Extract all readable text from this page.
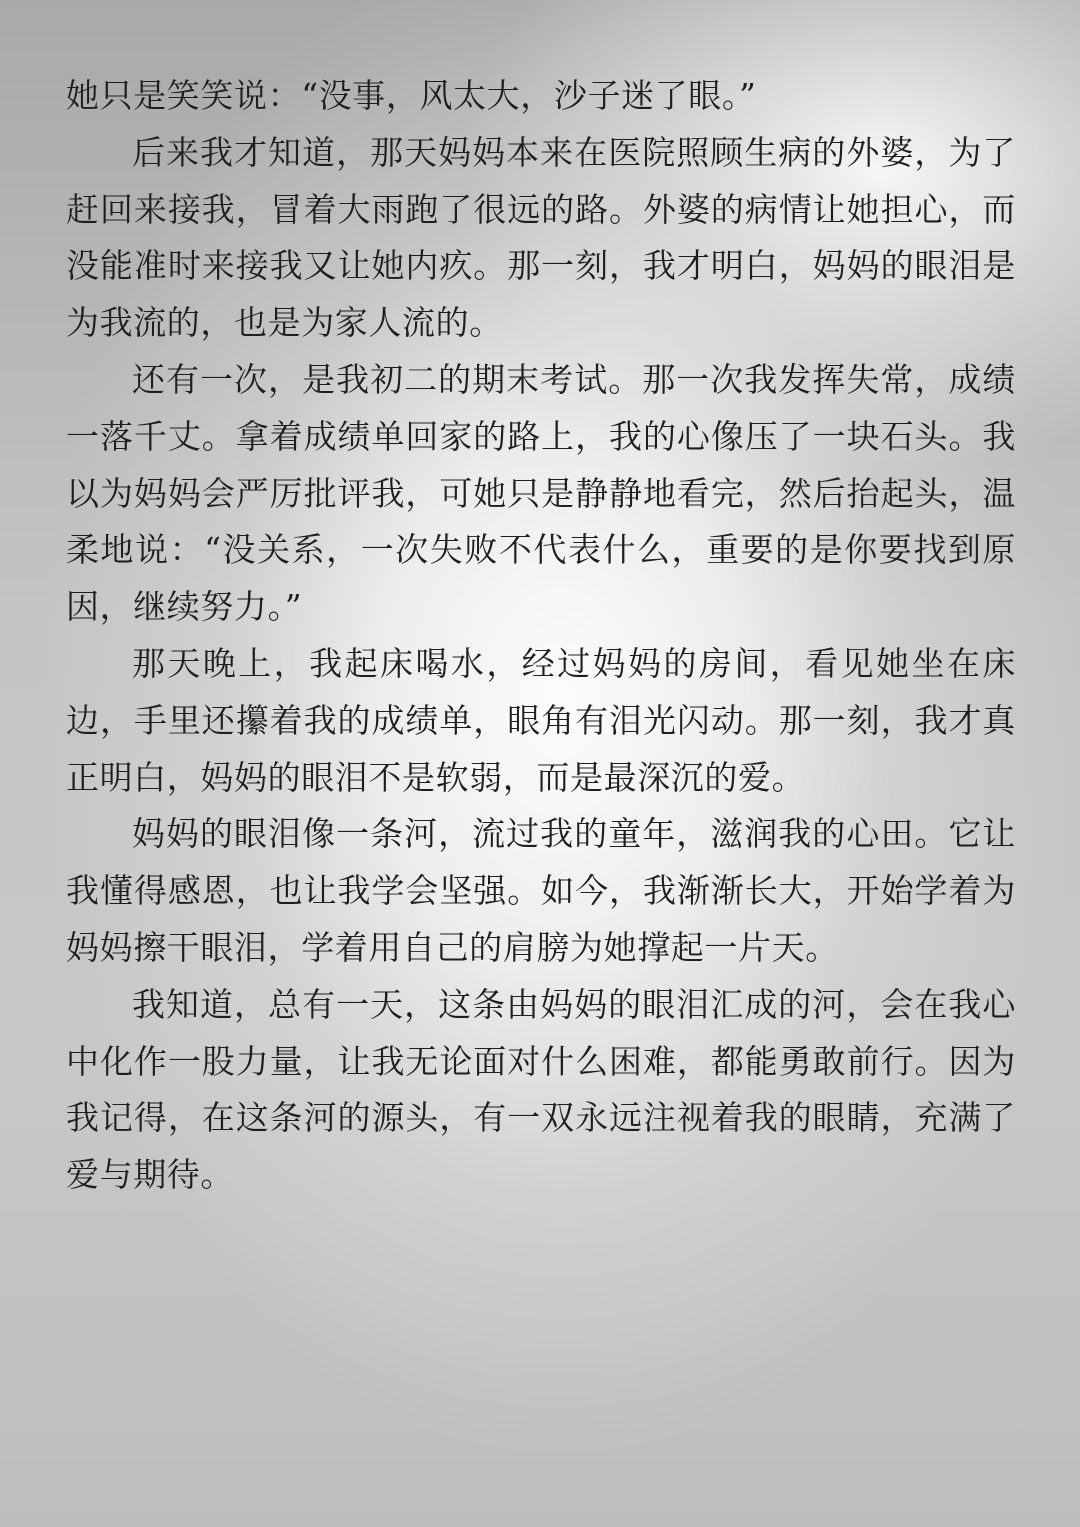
她只是笑笑说：“没事，风太大，沙子迷了眼。”

后来我才知道，那天妈妈本来在医院照顾生病的外婆，为了赶回来接我，冒着大雨跑了很远的路。外婆的病情让她担心，而没能准时来接我又让她内疚。那一刻，我才明白，妈妈的眼泪是为我流的，也是为家人流的。

还有一次，是我初二的期末考试。那一次我发挥失常，成绩一落千丈。拿着成绩单回家的路上，我的心像压了一块石头。我以为妈妈会严厉批评我，可她只是静静地看完，然后抬起头，温柔地说：“没关系，一次失败不代表什么，重要的是你要找到原因，继续努力。”

那天晚上，我起床喝水，经过妈妈的房间，看见她坐在床边，手里还攥着我的成绩单，眼角有泪光闪动。那一刻，我才真正明白，妈妈的眼泪不是软弱，而是最深沉的爱。

妈妈的眼泪像一条河，流过我的童年，滋润我的心田。它让我懂得感恩，也让我学会坚强。如今，我渐渐长大，开始学着为妈妈擦干眼泪，学着用自己的肩膀为她撑起一片天。

我知道，总有一天，这条由妈妈的眼泪汇成的河，会在我心中化作一股力量，让我无论面对什么困难，都能勇敢前行。因为我记得，在这条河的源头，有一双永远注视着我的眼睛，充满了爱与期待。
